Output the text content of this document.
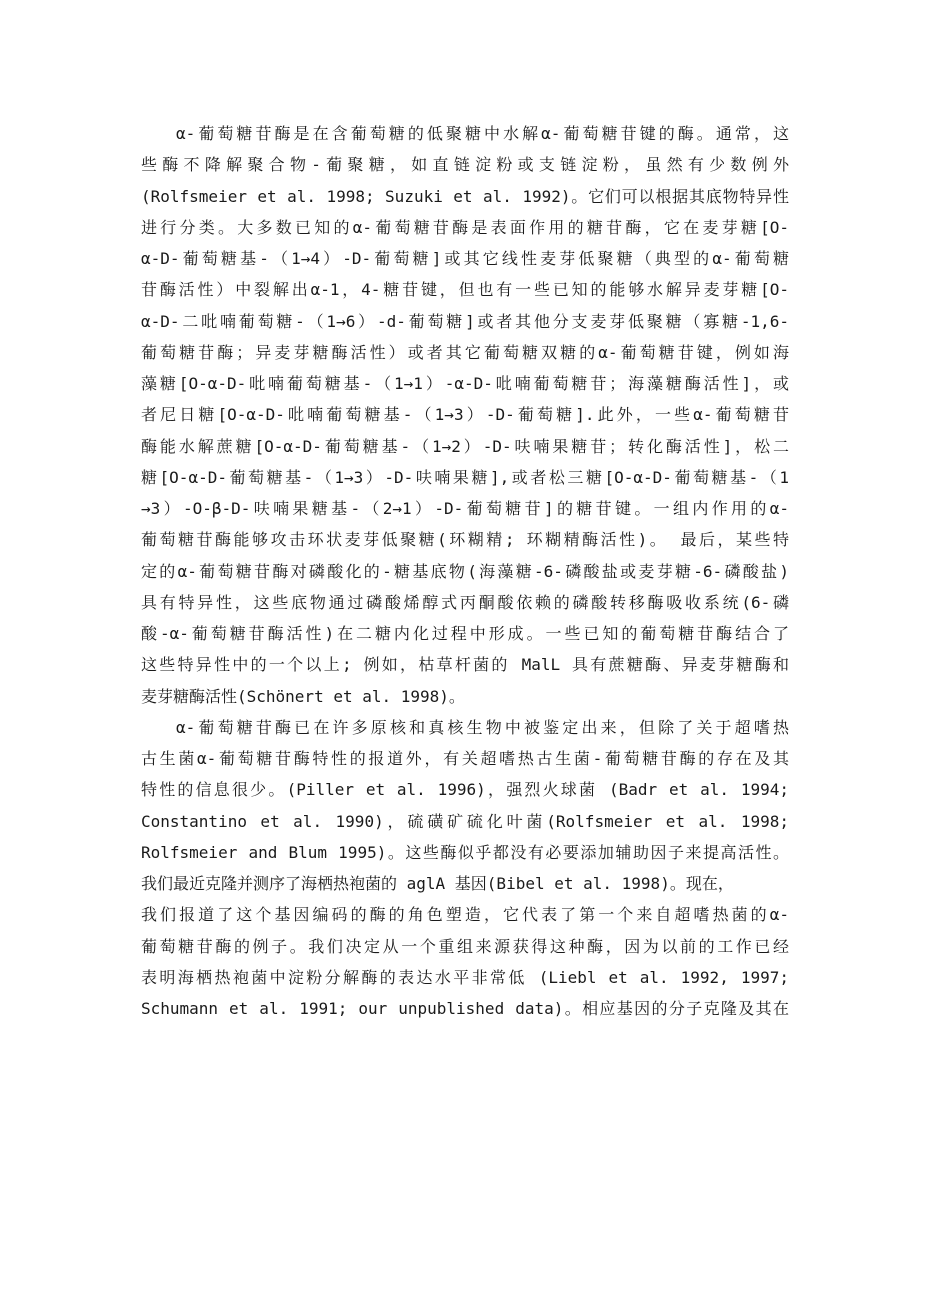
α-葡萄糖苷酶是在含葡萄糖的低聚糖中水解α-葡萄糖苷键的酶。通常，这
些酶不降解聚合物-葡聚糖，如直链淀粉或支链淀粉，虽然有少数例外
(Rolfsmeier et al. 1998; Suzuki et al. 1992)。它们可以根据其底物特异性
进行分类。大多数已知的α-葡萄糖苷酶是表面作用的糖苷酶，它在麦芽糖[O-
α-D-葡萄糖基-（1→4）-D-葡萄糖]或其它线性麦芽低聚糖（典型的α-葡萄糖
苷酶活性）中裂解出α-1，4-糖苷键，但也有一些已知的能够水解异麦芽糖[O-
α-D-二吡喃葡萄糖-（1→6）-d-葡萄糖]或者其他分支麦芽低聚糖（寡糖-1,6-
葡萄糖苷酶；异麦芽糖酶活性）或者其它葡萄糖双糖的α-葡萄糖苷键，例如海
藻糖[O-α-D-吡喃葡萄糖基-（1→1）-α-D-吡喃葡萄糖苷；海藻糖酶活性]，或
者尼日糖[O-α-D-吡喃葡萄糖基-（1→3）-D-葡萄糖].此外，一些α-葡萄糖苷
酶能水解蔗糖[O-α-D-葡萄糖基-（1→2）-D-呋喃果糖苷；转化酶活性]，松二
糖[O-α-D-葡萄糖基-（1→3）-D-呋喃果糖],或者松三糖[O-α-D-葡萄糖基-（1
→3）-O-β-D-呋喃果糖基-（2→1）-D-葡萄糖苷]的糖苷键。一组内作用的α-
葡萄糖苷酶能够攻击环状麦芽低聚糖(环糊精; 环糊精酶活性)。 最后，某些特
定的α-葡萄糖苷酶对磷酸化的-糖基底物(海藻糖-6-磷酸盐或麦芽糖-6-磷酸盐)
具有特异性，这些底物通过磷酸烯醇式丙酮酸依赖的磷酸转移酶吸收系统(6-磷
酸-α-葡萄糖苷酶活性)在二糖内化过程中形成。一些已知的葡萄糖苷酶结合了
这些特异性中的一个以上; 例如，枯草杆菌的 MalL 具有蔗糖酶、异麦芽糖酶和
麦芽糖酶活性(Schönert et al. 1998)。
α-葡萄糖苷酶已在许多原核和真核生物中被鉴定出来，但除了关于超嗜热
古生菌α-葡萄糖苷酶特性的报道外，有关超嗜热古生菌-葡萄糖苷酶的存在及其
特性的信息很少。(Piller et al. 1996)，强烈火球菌 (Badr et al. 1994;
Constantino et al. 1990)，硫磺矿硫化叶菌(Rolfsmeier et al. 1998;
Rolfsmeier and Blum 1995)。这些酶似乎都没有必要添加辅助因子来提高活性。
我们最近克隆并测序了海栖热袍菌的 aglA 基因(Bibel et al. 1998)。现在，
我们报道了这个基因编码的酶的角色塑造，它代表了第一个来自超嗜热菌的α-
葡萄糖苷酶的例子。我们决定从一个重组来源获得这种酶，因为以前的工作已经
表明海栖热袍菌中淀粉分解酶的表达水平非常低 (Liebl et al. 1992, 1997;
Schumann et al. 1991; our unpublished data)。相应基因的分子克隆及其在
